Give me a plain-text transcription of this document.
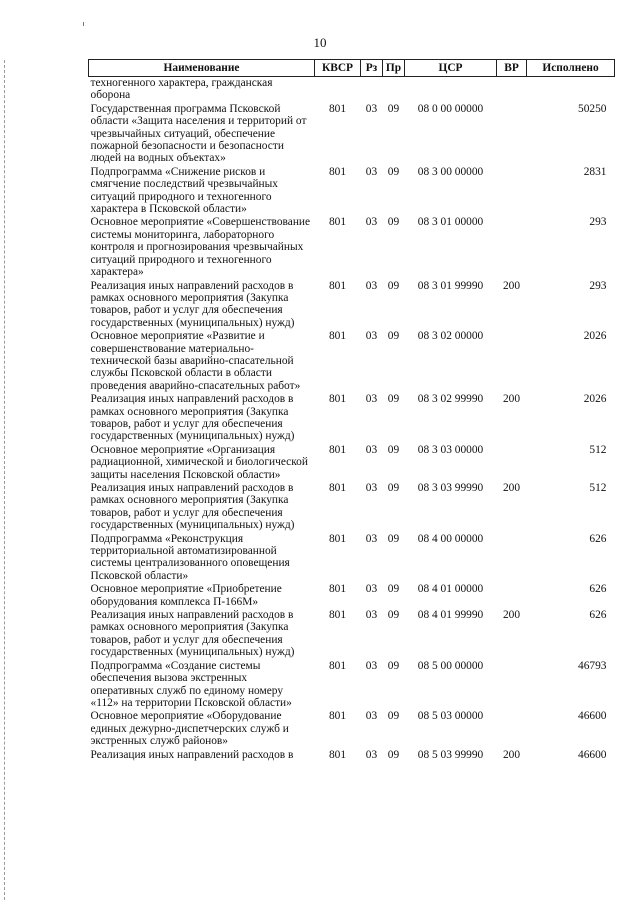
10
Наименование	КВСР	Рз	Пр	ЦСР	ВР	Исполнено
техногенного характера, гражданская оборона						
Государственная программа Псковской области «Защита населения и территорий от чрезвычайных ситуаций, обеспечение пожарной безопасности и безопасности людей на водных объектах»	801	03	09	08 0 00 00000		50250
Подпрограмма «Снижение рисков и смягчение последствий чрезвычайных ситуаций природного и техногенного характера в Псковской области»	801	03	09	08 3 00 00000		2831
Основное мероприятие «Совершенствование системы мониторинга, лабораторного контроля и прогнозирования чрезвычайных ситуаций природного и техногенного характера»	801	03	09	08 3 01 00000		293
Реализация иных направлений расходов в рамках основного мероприятия (Закупка товаров, работ и услуг для обеспечения государственных (муниципальных) нужд)	801	03	09	08 3 01 99990	200	293
Основное мероприятие «Развитие и совершенствование материально-технической базы аварийно-спасательной службы Псковской области в области проведения аварийно-спасательных работ»	801	03	09	08 3 02 00000		2026
Реализация иных направлений расходов в рамках основного мероприятия (Закупка товаров, работ и услуг для обеспечения государственных (муниципальных) нужд)	801	03	09	08 3 02 99990	200	2026
Основное мероприятие «Организация радиационной, химической и биологической защиты населения Псковской области»	801	03	09	08 3 03 00000		512
Реализация иных направлений расходов в рамках основного мероприятия (Закупка товаров, работ и услуг для обеспечения государственных (муниципальных) нужд)	801	03	09	08 3 03 99990	200	512
Подпрограмма «Реконструкция территориальной автоматизированной системы централизованного оповещения Псковской области»	801	03	09	08 4 00 00000		626
Основное мероприятие «Приобретение оборудования комплекса П-166М»	801	03	09	08 4 01 00000		626
Реализация иных направлений расходов в рамках основного мероприятия (Закупка товаров, работ и услуг для обеспечения государственных (муниципальных) нужд)	801	03	09	08 4 01 99990	200	626
Подпрограмма «Создание системы обеспечения вызова экстренных оперативных служб по единому номеру «112» на территории Псковской области»	801	03	09	08 5 00 00000		46793
Основное мероприятие «Оборудование единых дежурно-диспетчерских служб и экстренных служб районов»	801	03	09	08 5 03 00000		46600
Реализация иных направлений расходов в	801	03	09	08 5 03 99990	200	46600
